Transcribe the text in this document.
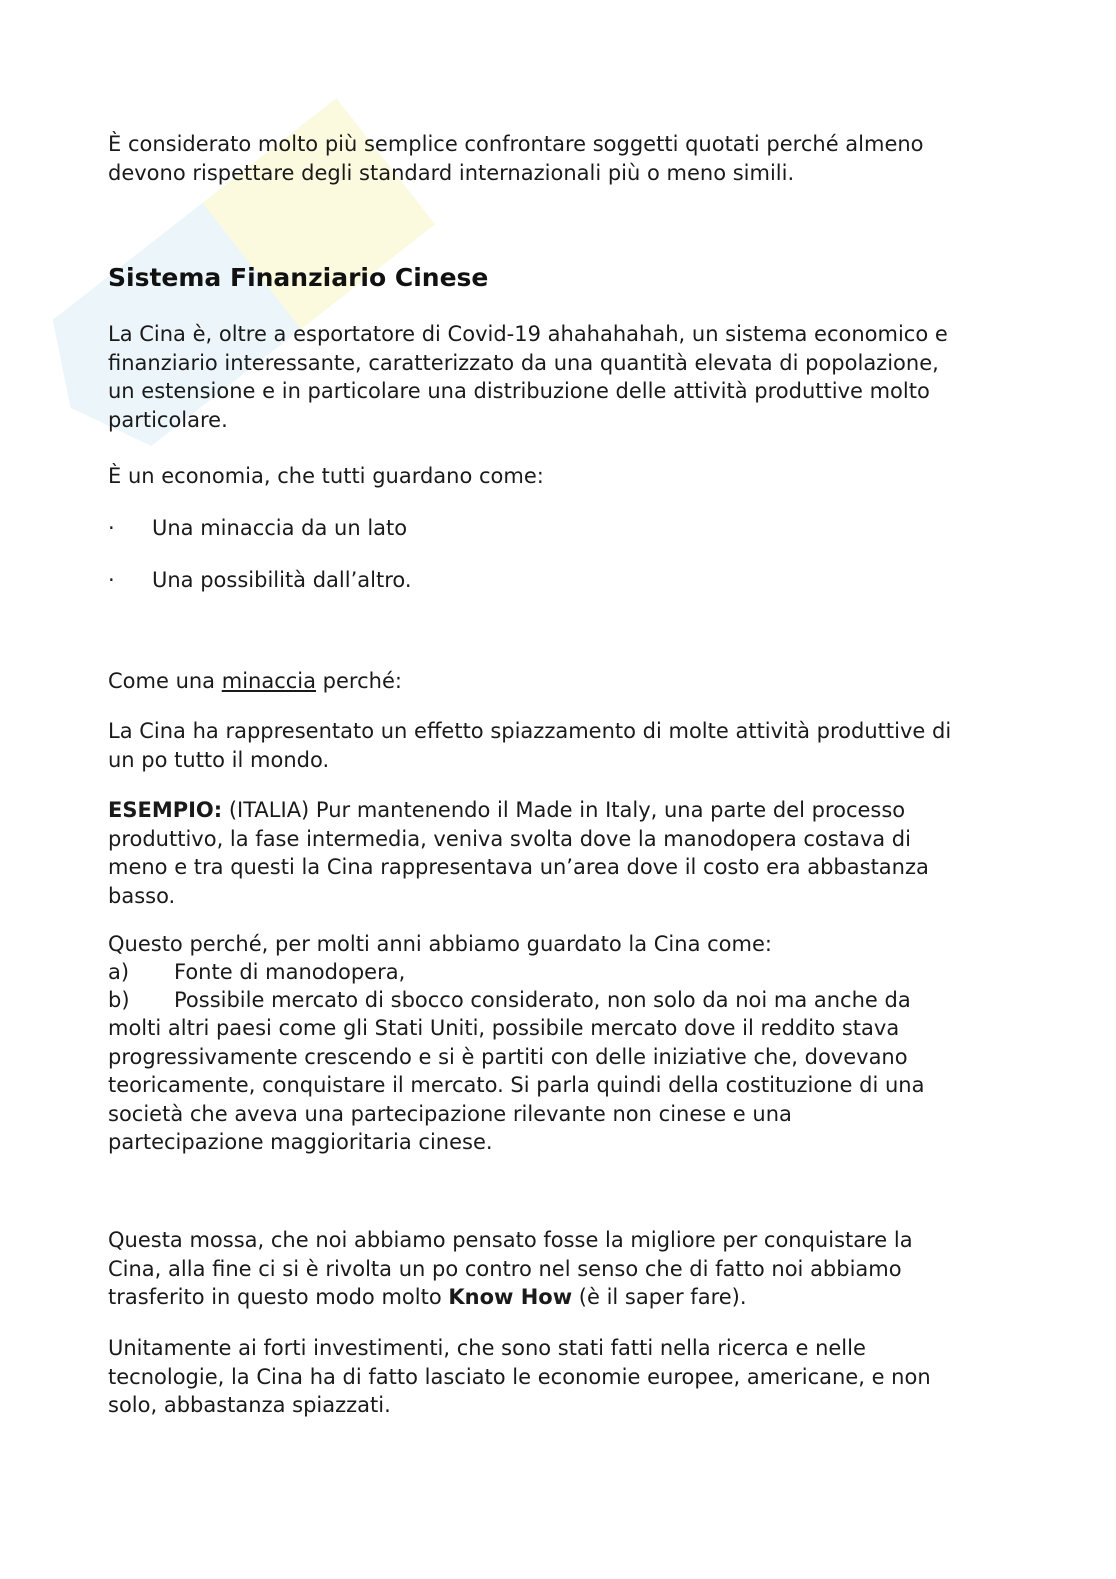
È considerato molto più semplice confrontare soggetti quotati perché almeno
devono rispettare degli standard internazionali più o meno simili.

Sistema Finanziario Cinese

La Cina è, oltre a esportatore di Covid-19 ahahahahah, un sistema economico e
finanziario interessante, caratterizzato da una quantità elevata di popolazione,
un estensione e in particolare una distribuzione delle attività produttive molto
particolare.

È un economia, che tutti guardano come:

· Una minaccia da un lato
· Una possibilità dall’altro.

Come una minaccia perché:

La Cina ha rappresentato un effetto spiazzamento di molte attività produttive di
un po tutto il mondo.

ESEMPIO: (ITALIA) Pur mantenendo il Made in Italy, una parte del processo
produttivo, la fase intermedia, veniva svolta dove la manodopera costava di
meno e tra questi la Cina rappresentava un’area dove il costo era abbastanza
basso.

Questo perché, per molti anni abbiamo guardato la Cina come:

a) Fonte di manodopera,
b) Possibile mercato di sbocco considerato, non solo da noi ma anche da

molti altri paesi come gli Stati Uniti, possibile mercato dove il reddito stava
progressivamente crescendo e si è partiti con delle iniziative che, dovevano
teoricamente, conquistare il mercato. Si parla quindi della costituzione di una
società che aveva una partecipazione rilevante non cinese e una
partecipazione maggioritaria cinese.

Questa mossa, che noi abbiamo pensato fosse la migliore per conquistare la
Cina, alla fine ci si è rivolta un po contro nel senso che di fatto noi abbiamo
trasferito in questo modo molto Know How (è il saper fare).

Unitamente ai forti investimenti, che sono stati fatti nella ricerca e nelle
tecnologie, la Cina ha di fatto lasciato le economie europee, americane, e non
solo, abbastanza spiazzati.
